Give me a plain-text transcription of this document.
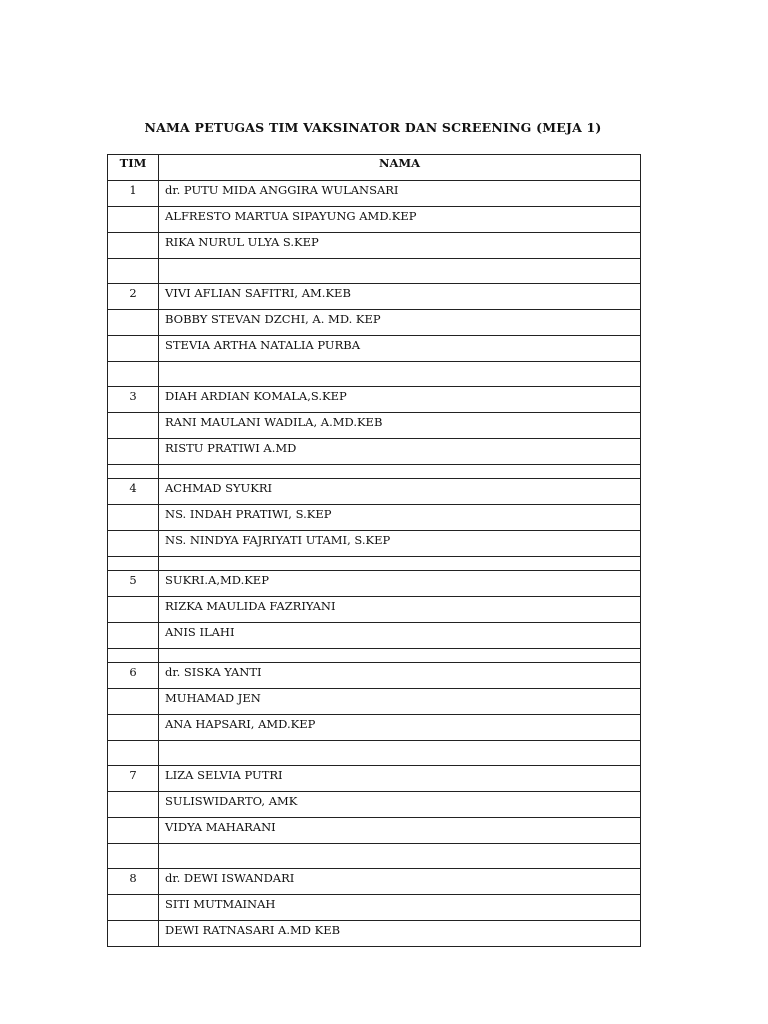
NAMA PETUGAS TIM VAKSINATOR DAN SCREENING (MEJA 1)
TIM	NAMA
1	dr. PUTU MIDA ANGGIRA WULANSARI
	ALFRESTO MARTUA SIPAYUNG AMD.KEP
	RIKA NURUL ULYA S.KEP

2	VIVI AFLIAN SAFITRI, AM.KEB
	BOBBY STEVAN DZCHI, A. MD. KEP
	STEVIA ARTHA NATALIA PURBA

3	DIAH ARDIAN KOMALA,S.KEP
	RANI MAULANI WADILA, A.MD.KEB
	RISTU PRATIWI A.MD

4	ACHMAD SYUKRI
	NS. INDAH PRATIWI, S.KEP
	NS. NINDYA FAJRIYATI UTAMI, S.KEP

5	SUKRI.A,MD.KEP
	RIZKA MAULIDA FAZRIYANI
	ANIS ILAHI

6	dr. SISKA YANTI
	MUHAMAD JEN
	ANA HAPSARI, AMD.KEP

7	LIZA SELVIA PUTRI
	SULISWIDARTO, AMK
	VIDYA MAHARANI

8	dr. DEWI ISWANDARI
	SITI MUTMAINAH
	DEWI RATNASARI A.MD KEB
